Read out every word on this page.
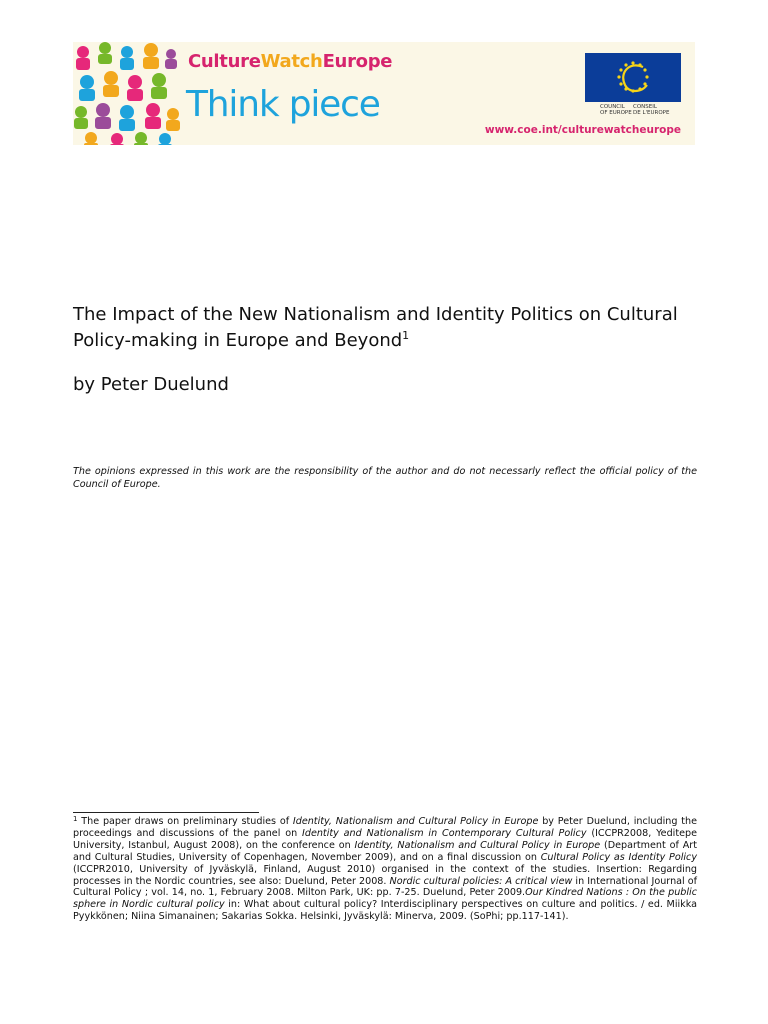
CultureWatchEurope
Think piece
www.coe.int/culturewatcheurope
COUNCIL CONSEIL
OF EUROPEDE L'EUROPE
The Impact of the New Nationalism and Identity Politics on Cultural Policy-making in Europe and Beyond$^1$
by Peter Duelund
The opinions expressed in this work are the responsibility of the author and do not necessarly reflect the official policy of the Council of Europe.
$^1$ The paper draws on preliminary studies of Identity, Nationalism and Cultural Policy in Europe by Peter Duelund, including the proceedings and discussions of the panel on Identity and Nationalism in Contemporary Cultural Policy (ICCPR2008, Yeditepe University, Istanbul, August 2008), on the conference on Identity, Nationalism and Cultural Policy in Europe (Department of Art and Cultural Studies, University of Copenhagen, November 2009), and on a final discussion on Cultural Policy as Identity Policy (ICCPR2010, University of Jyväskylä, Finland, August 2010) organised in the context of the studies. Insertion: Regarding processes in the Nordic countries, see also: Duelund, Peter 2008. Nordic cultural policies: A critical view in International Journal of Cultural Policy ; vol. 14, no. 1, February 2008. Milton Park, UK: pp. 7-25. Duelund, Peter 2009.Our Kindred Nations : On the public sphere in Nordic cultural policy in: What about cultural policy? Interdisciplinary perspectives on culture and politics. / ed. Miikka Pyykkönen; Niina Simanainen; Sakarias Sokka. Helsinki, Jyväskylä: Minerva, 2009. (SoPhi; pp.117-141).
